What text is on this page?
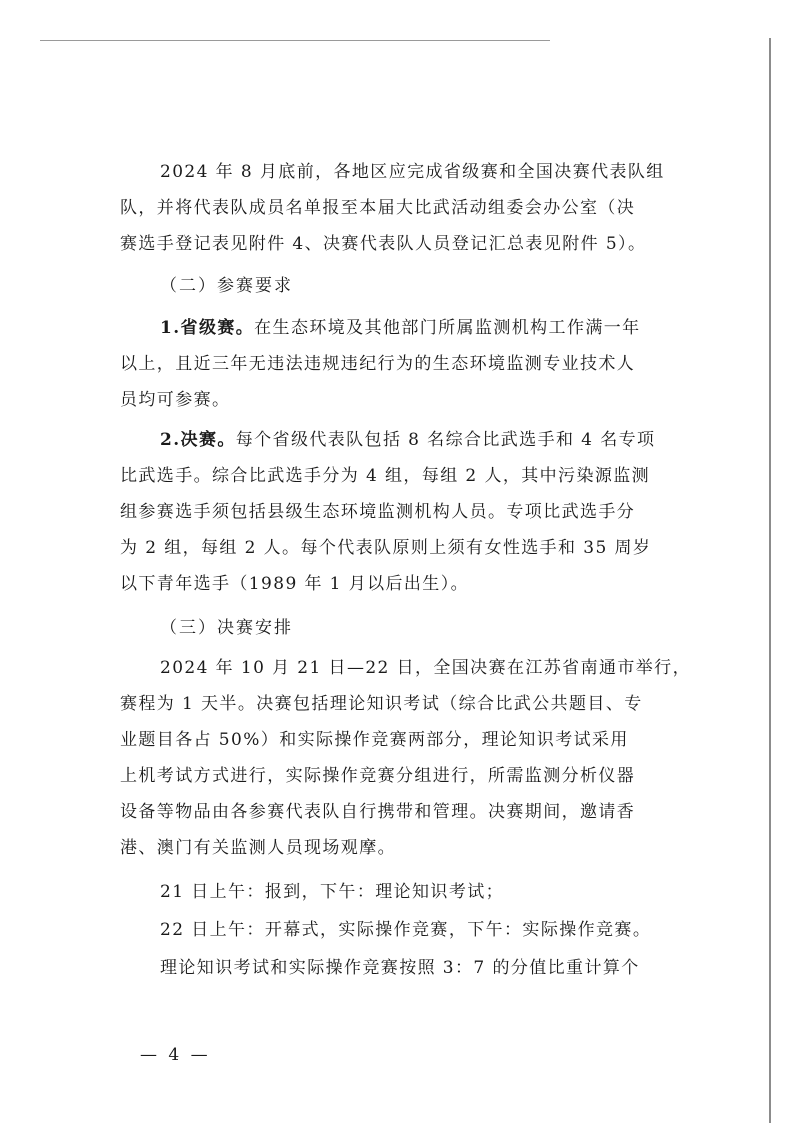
2024 年 8 月底前，各地区应完成省级赛和全国决赛代表队组
队，并将代表队成员名单报至本届大比武活动组委会办公室（决
赛选手登记表见附件 4、决赛代表队人员登记汇总表见附件 5）。

（二）参赛要求

1.省级赛。在生态环境及其他部门所属监测机构工作满一年
以上，且近三年无违法违规违纪行为的生态环境监测专业技术人
员均可参赛。

2.决赛。每个省级代表队包括 8 名综合比武选手和 4 名专项
比武选手。综合比武选手分为 4 组，每组 2 人，其中污染源监测
组参赛选手须包括县级生态环境监测机构人员。专项比武选手分
为 2 组，每组 2 人。每个代表队原则上须有女性选手和 35 周岁
以下青年选手（1989 年 1 月以后出生）。

（三）决赛安排

2024 年 10 月 21 日—22 日，全国决赛在江苏省南通市举行，
赛程为 1 天半。决赛包括理论知识考试（综合比武公共题目、专
业题目各占 50%）和实际操作竞赛两部分，理论知识考试采用
上机考试方式进行，实际操作竞赛分组进行，所需监测分析仪器
设备等物品由各参赛代表队自行携带和管理。决赛期间，邀请香
港、澳门有关监测人员现场观摩。

21 日上午：报到，下午：理论知识考试；

22 日上午：开幕式，实际操作竞赛，下午：实际操作竞赛。

理论知识考试和实际操作竞赛按照 3：7 的分值比重计算个

— 4 —
